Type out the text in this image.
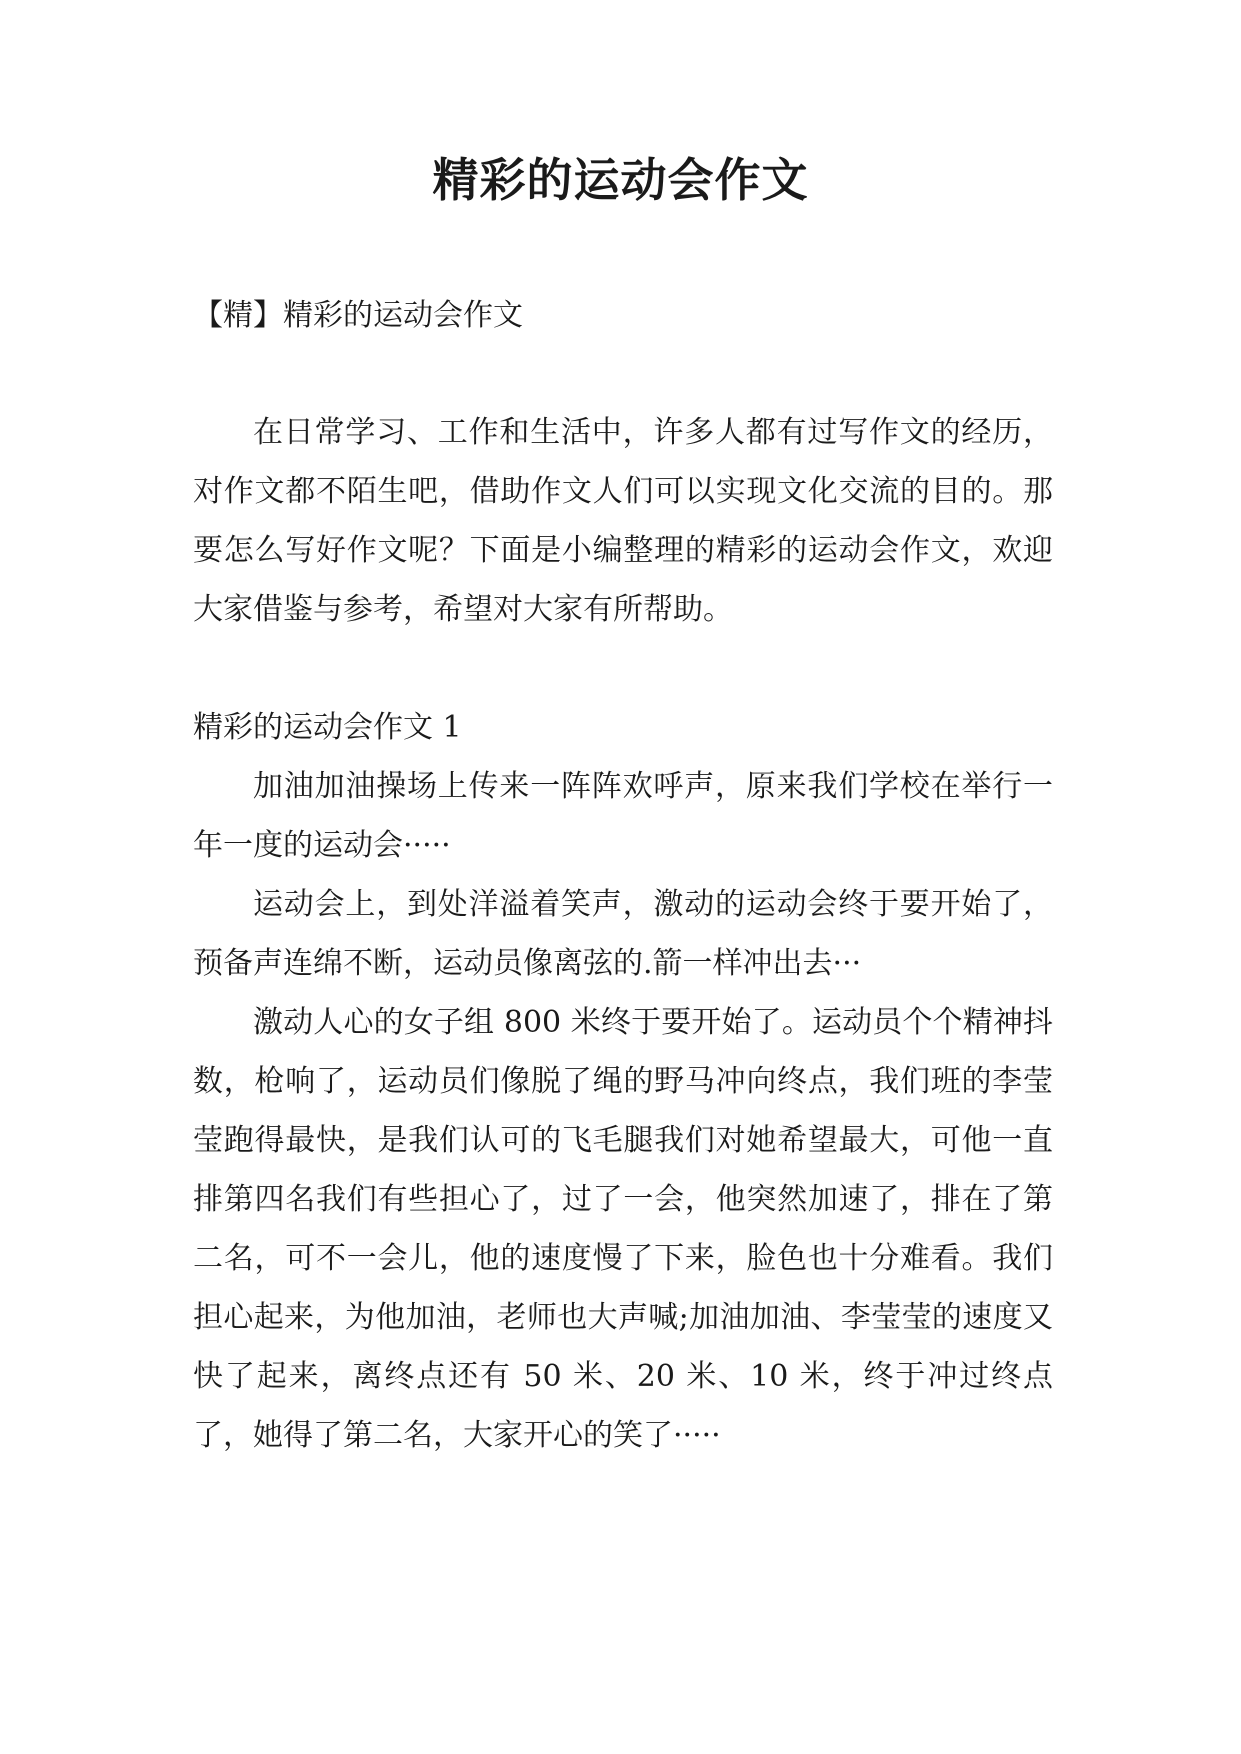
精彩的运动会作文

【精】精彩的运动会作文

在日常学习、工作和生活中，许多人都有过写作文的经历，对作文都不陌生吧，借助作文人们可以实现文化交流的目的。那要怎么写好作文呢？下面是小编整理的精彩的运动会作文，欢迎大家借鉴与参考，希望对大家有所帮助。

精彩的运动会作文 1

加油加油操场上传来一阵阵欢呼声，原来我们学校在举行一年一度的运动会·····

运动会上，到处洋溢着笑声，激动的运动会终于要开始了，预备声连绵不断，运动员像离弦的.箭一样冲出去···

激动人心的女子组 800 米终于要开始了。运动员个个精神抖数，枪响了，运动员们像脱了绳的野马冲向终点，我们班的李莹莹跑得最快，是我们认可的飞毛腿我们对她希望最大，可他一直排第四名我们有些担心了，过了一会，他突然加速了，排在了第二名，可不一会儿，他的速度慢了下来，脸色也十分难看。我们担心起来，为他加油，老师也大声喊;加油加油、李莹莹的速度又快了起来，离终点还有 50 米、20 米、10 米，终于冲过终点了，她得了第二名，大家开心的笑了·····
